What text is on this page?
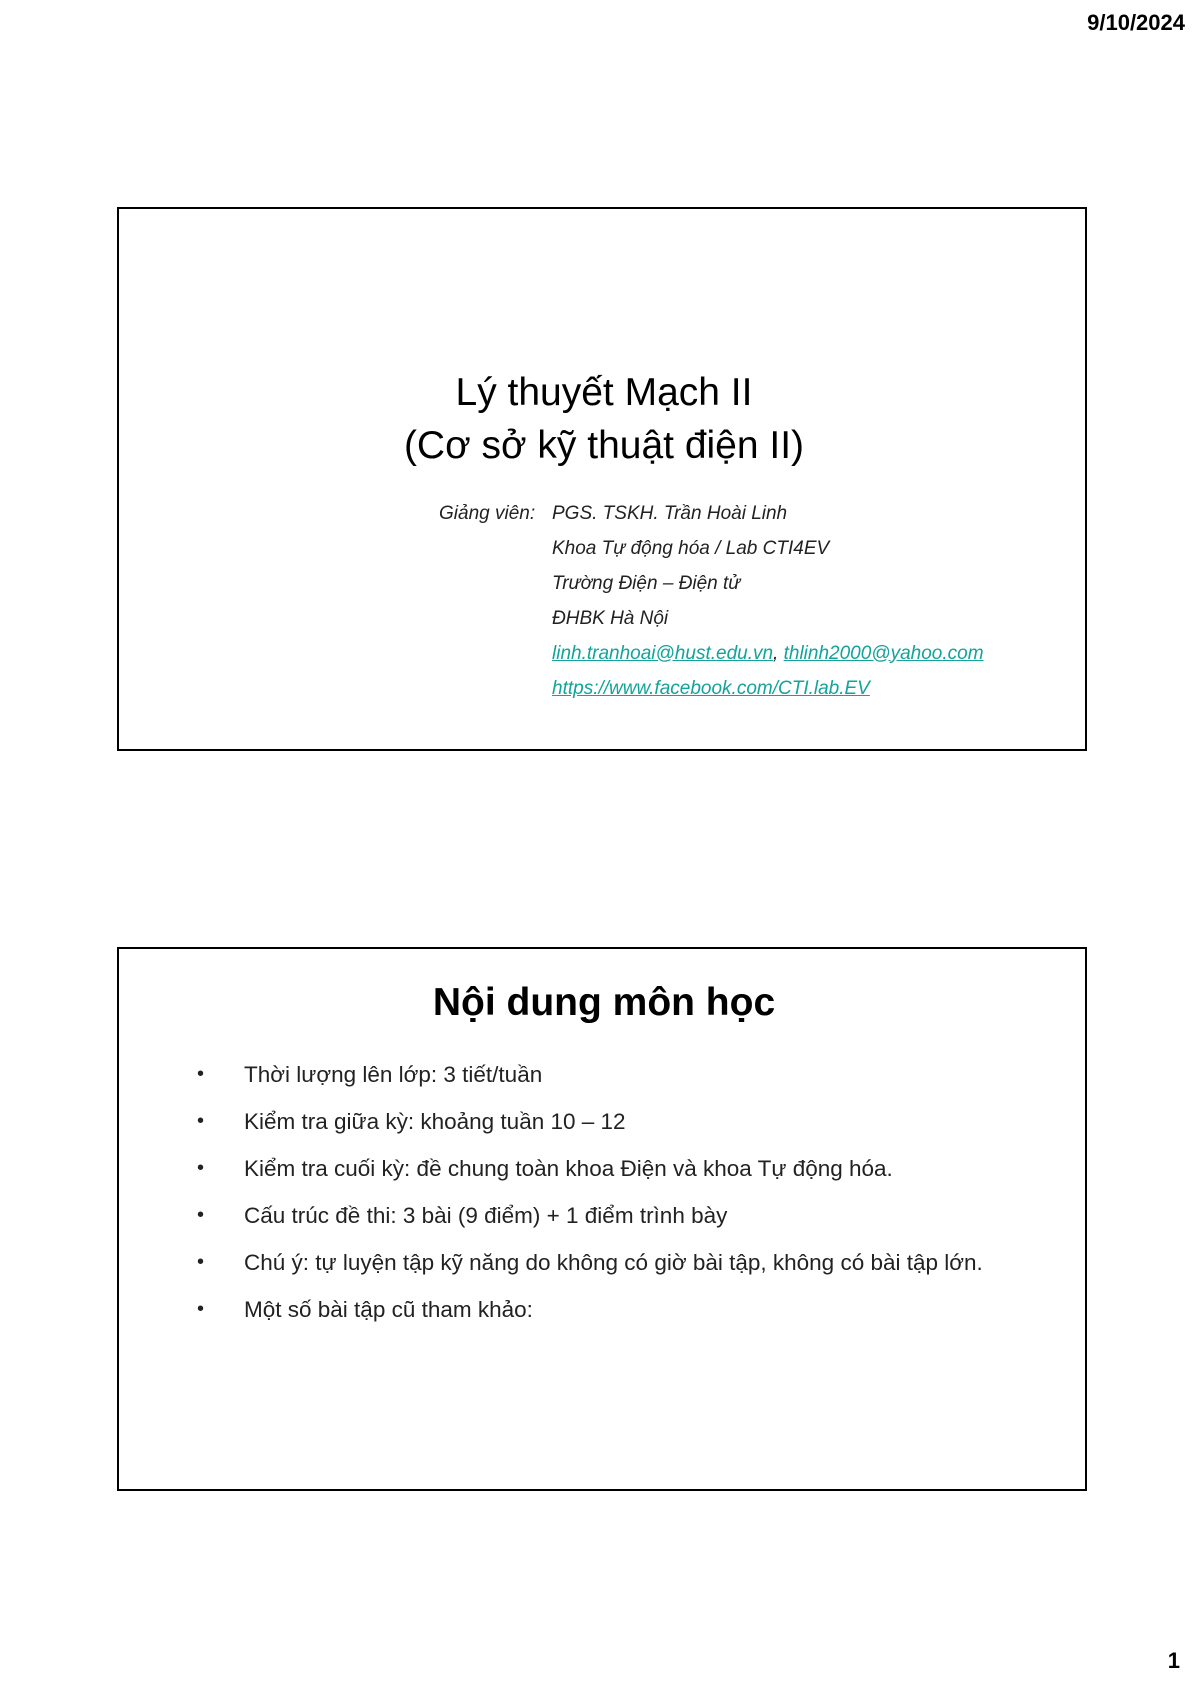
9/10/2024
Lý thuyết Mạch II
(Cơ sở kỹ thuật điện II)
Giảng viên: PGS. TSKH. Trần Hoài Linh
Khoa Tự động hóa / Lab CTI4EV
Trường Điện – Điện tử
ĐHBK Hà Nội
linh.tranhoai@hust.edu.vn, thlinh2000@yahoo.com
https://www.facebook.com/CTI.lab.EV
Nội dung môn học
•	Thời lượng lên lớp: 3 tiết/tuần
•	Kiểm tra giữa kỳ: khoảng tuần 10 – 12
•	Kiểm tra cuối kỳ: đề chung toàn khoa Điện và khoa Tự động hóa.
•	Cấu trúc đề thi: 3 bài (9 điểm) + 1 điểm trình bày
•	Chú ý: tự luyện tập kỹ năng do không có giờ bài tập, không có bài tập lớn.
•	Một số bài tập cũ tham khảo:
1
